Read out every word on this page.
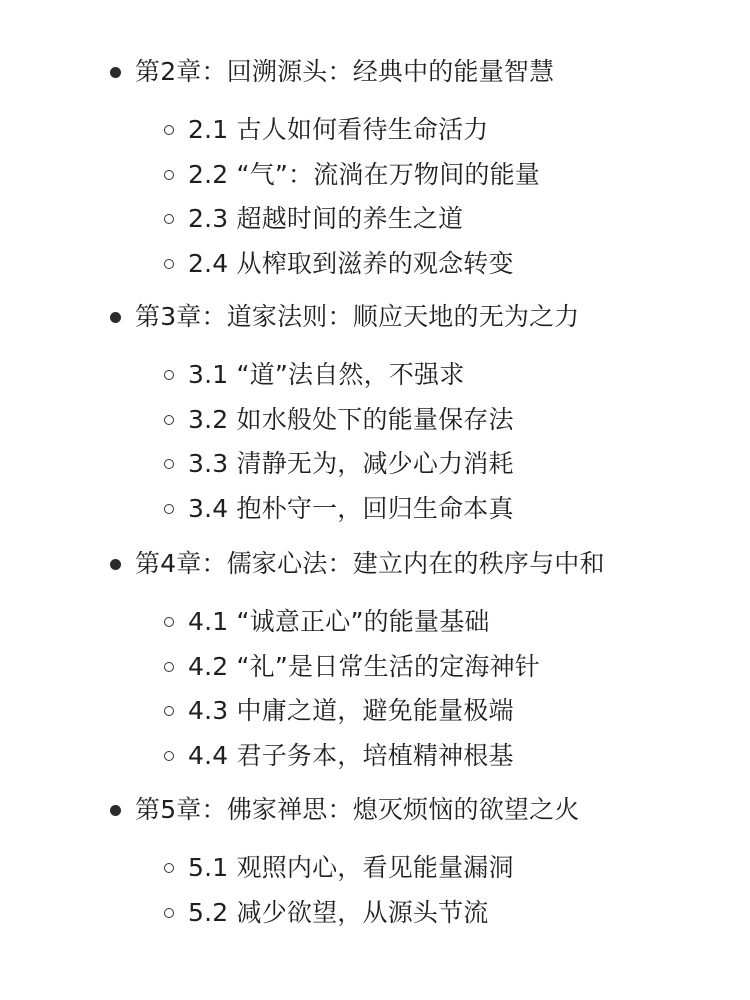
第2章：回溯源头：经典中的能量智慧
2.1 古人如何看待生命活力
2.2 “气”：流淌在万物间的能量
2.3 超越时间的养生之道
2.4 从榨取到滋养的观念转变
第3章：道家法则：顺应天地的无为之力
3.1 “道”法自然，不强求
3.2 如水般处下的能量保存法
3.3 清静无为，减少心力消耗
3.4 抱朴守一，回归生命本真
第4章：儒家心法：建立内在的秩序与中和
4.1 “诚意正心”的能量基础
4.2 “礼”是日常生活的定海神针
4.3 中庸之道，避免能量极端
4.4 君子务本，培植精神根基
第5章：佛家禅思：熄灭烦恼的欲望之火
5.1 观照内心，看见能量漏洞
5.2 减少欲望，从源头节流
